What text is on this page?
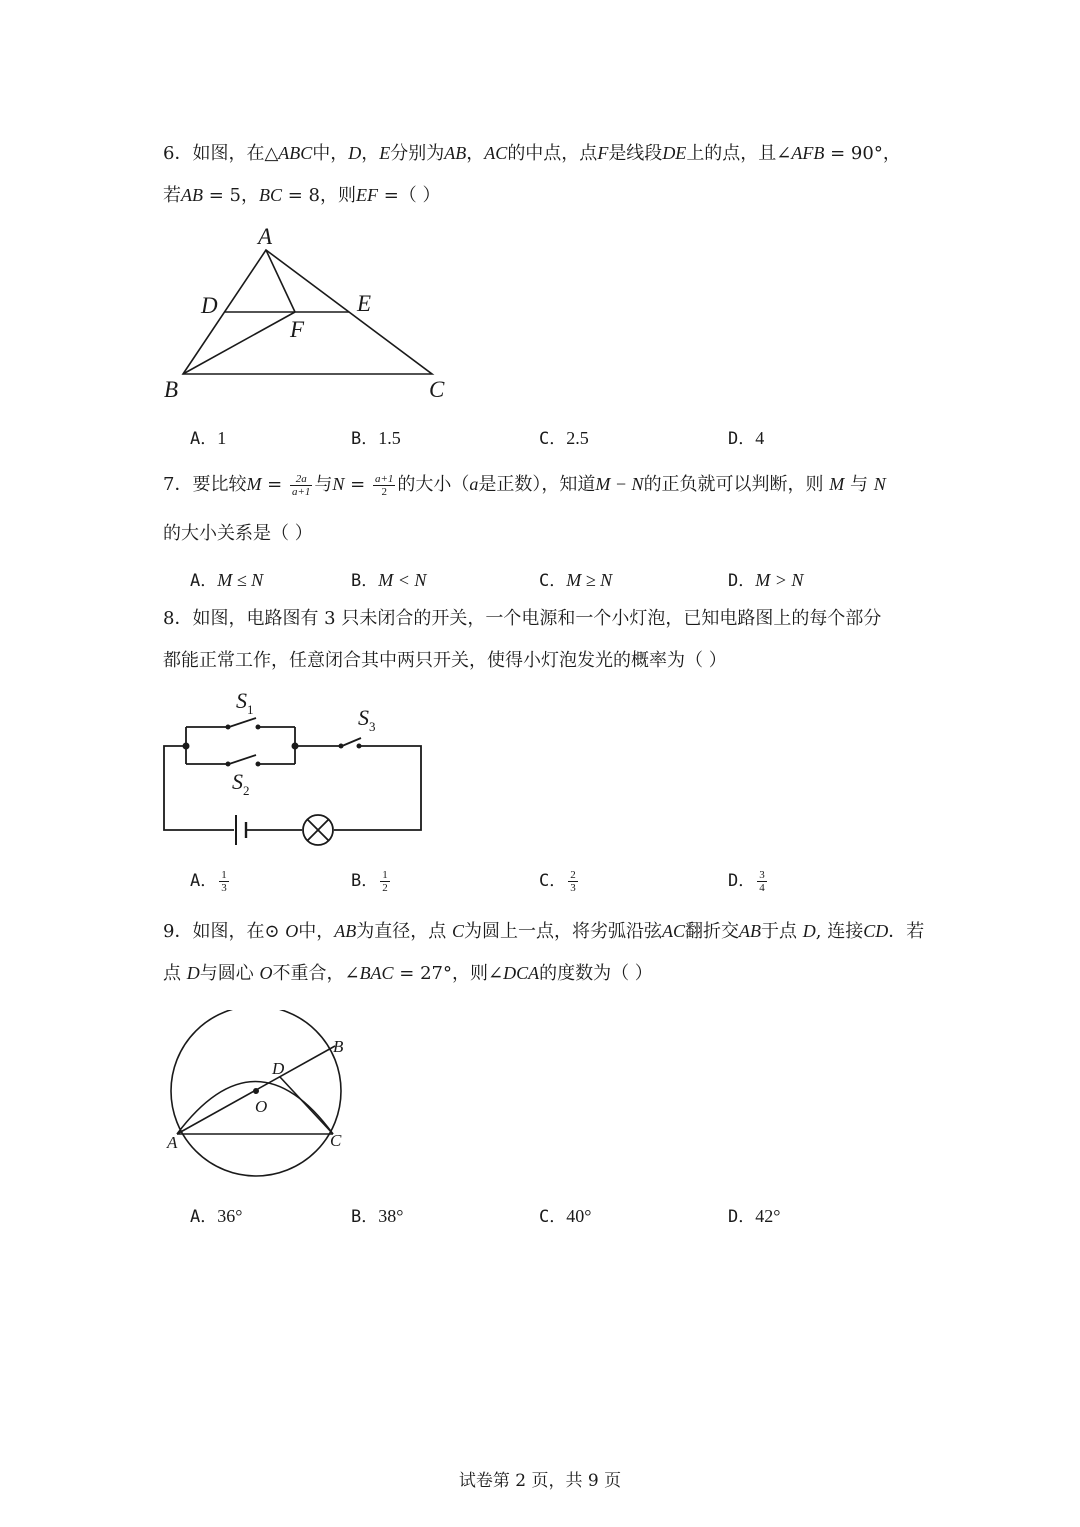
6．如图，在△ABC中，D，E分别为AB，AC的中点，点F是线段DE上的点，且∠AFB = 90°，
若AB = 5，BC = 8，则EF =（ ）
A
D	E
F
B	C
A．1	B．1.5	C．2.5	D．4
7．要比较$M = \frac{2a}{a+1}$ 与$N = \frac{a+1}{2}$ 的大小（a是正数），知道M − N的正负就可以判断，则 M 与 N
的大小关系是（ ）
A．M ≤ N	B．M < N	C．M ≥ N	D．M > N
8．如图，电路图有 3 只未闭合的开关，一个电源和一个小灯泡，已知电路图上的每个部分
都能正常工作，任意闭合其中两只开关，使得小灯泡发光的概率为（ ）
$S_1$
$S_2$
$S_3$
A． $\frac{1}{3}$	B． $\frac{1}{2}$	C． $\frac{2}{3}$	D． $\frac{3}{4}$
9．如图，在⊙ O中，AB为直径，点 C为圆上一点，将劣弧沿弦AC翻折交AB于点 D, 连接CD．若
点 D与圆心 O不重合，∠BAC = 27°，则∠DCA的度数为（ ）
B
D
O
A	C
A．36°	B．38°	C．40°	D．42°
试卷第 2 页，共 9 页
